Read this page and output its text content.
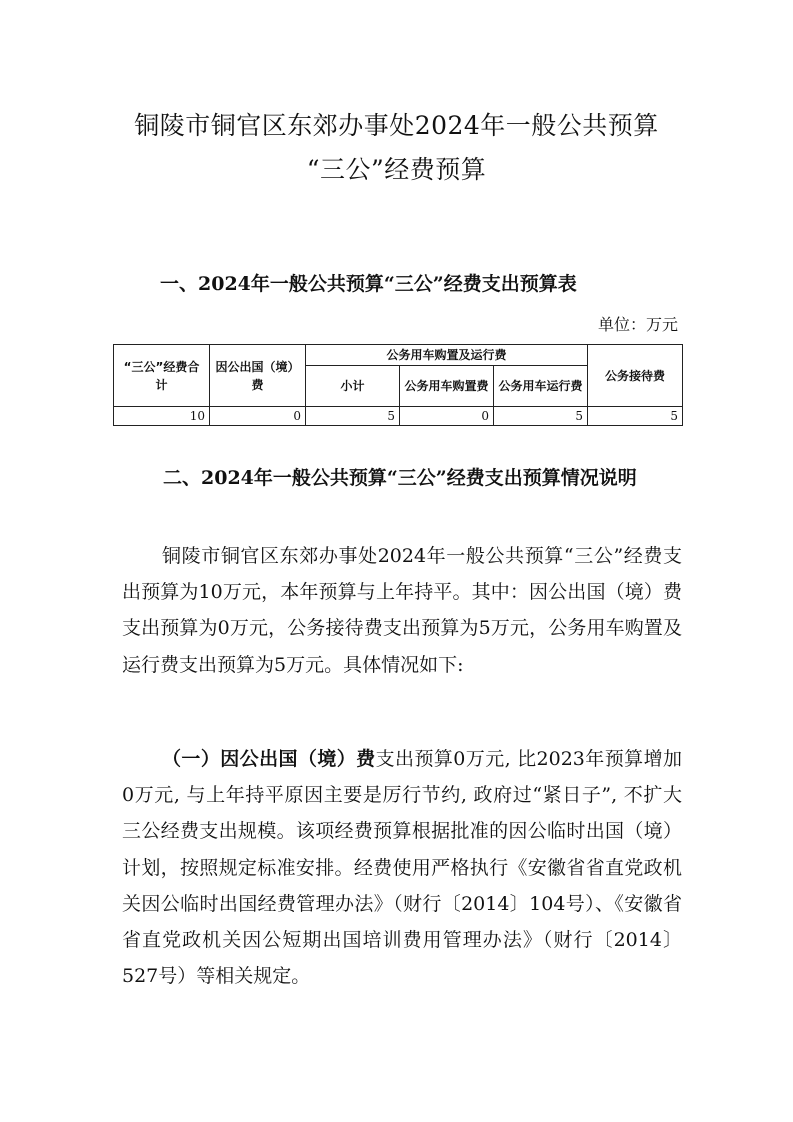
铜陵市铜官区东郊办事处2024年一般公共预算
“三公”经费预算
一、2024年一般公共预算“三公”经费支出预算表
单位：万元
“三公”经费合计	因公出国（境）费	公务用车购置及运行费			公务接待费
		小计	公务用车购置费	公务用车运行费	
10	0	5	0	5	5
二、2024年一般公共预算“三公”经费支出预算情况说明
铜陵市铜官区东郊办事处2024年一般公共预算“三公”经费支出预算为10万元，本年预算与上年持平。其中：因公出国（境）费支出预算为0万元，公务接待费支出预算为5万元，公务用车购置及运行费支出预算为5万元。具体情况如下:
（一）因公出国（境）费支出预算0万元, 比2023年预算增加0万元, 与上年持平原因主要是厉行节约, 政府过“紧日子”, 不扩大三公经费支出规模。该项经费预算根据批准的因公临时出国（境）计划，按照规定标准安排。经费使用严格执行《安徽省省直党政机关因公临时出国经费管理办法》（财行〔2014〕104号）、《安徽省省直党政机关因公短期出国培训费用管理办法》（财行〔2014〕527号）等相关规定。
